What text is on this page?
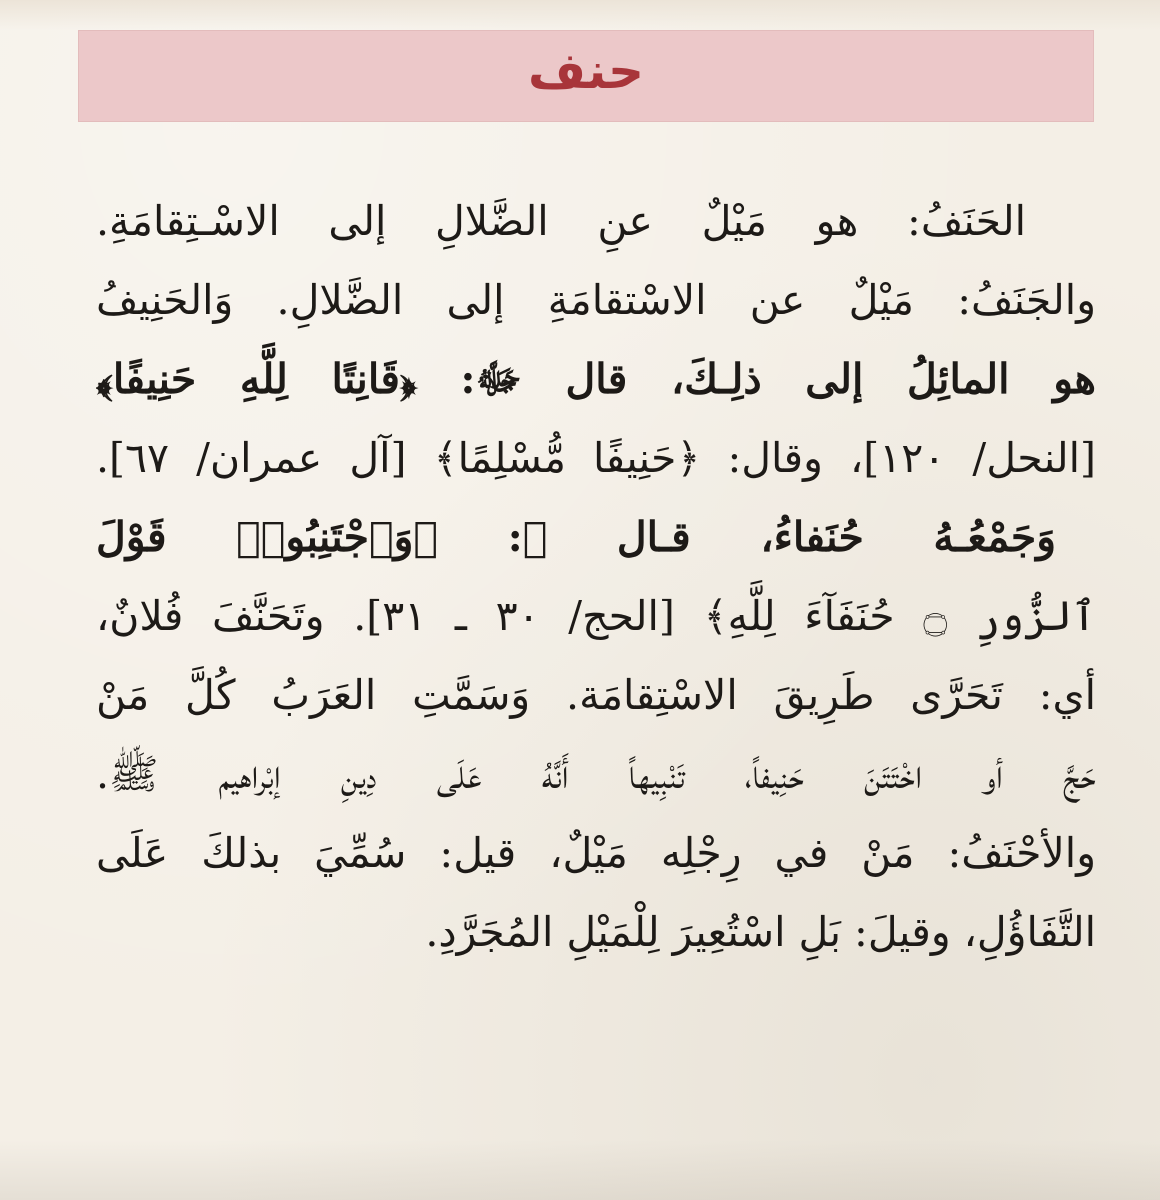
حنف
الحَنَفُ: هو مَيْلٌ عنِ الضَّلالِ إلى الاسْـتِقامَةِ.
والجَنَفُ: مَيْلٌ عن الاسْتقامَةِ إلى الضَّلالِ. وَالحَنِيفُ
هو المائِلُ إلى ذلِـكَ، قال ﷻ: ﴿قَانِتًا لِلَّهِ حَنِيفًا﴾
[النحل/ ١٢٠]، وقال: ﴿حَنِيفًا مُّسْلِمًا﴾ [آل عمران/ ٦٧].
وَجَمْعُـهُ حُنَفاءُ، قـال ﷻ: ﴿وَٱجْتَنِبُوا۟ قَوْلَ
ٱلزُّورِ ۝ حُنَفَآءَ لِلَّهِ﴾ [الحج/ ٣٠ ـ ٣١]. وتَحَنَّفَ فُلانٌ،
أي: تَحَرَّى طَرِيقَ الاسْتِقامَة. وَسَمَّتِ العَرَبُ كُلَّ مَنْ
حَجَّ أو اخْتَتَنَ حَنِيفاً، تَنْبِيهاً أَنَّهُ عَلَى دِينِ إبْراهيم ﷺ.
والأحْنَفُ: مَنْ في رِجْلِه مَيْلٌ، قيل: سُمِّيَ بذلكَ عَلَى
التَّفَاؤُلِ، وقيلَ: بَلِ اسْتُعِيرَ لِلْمَيْلِ المُجَرَّدِ.
